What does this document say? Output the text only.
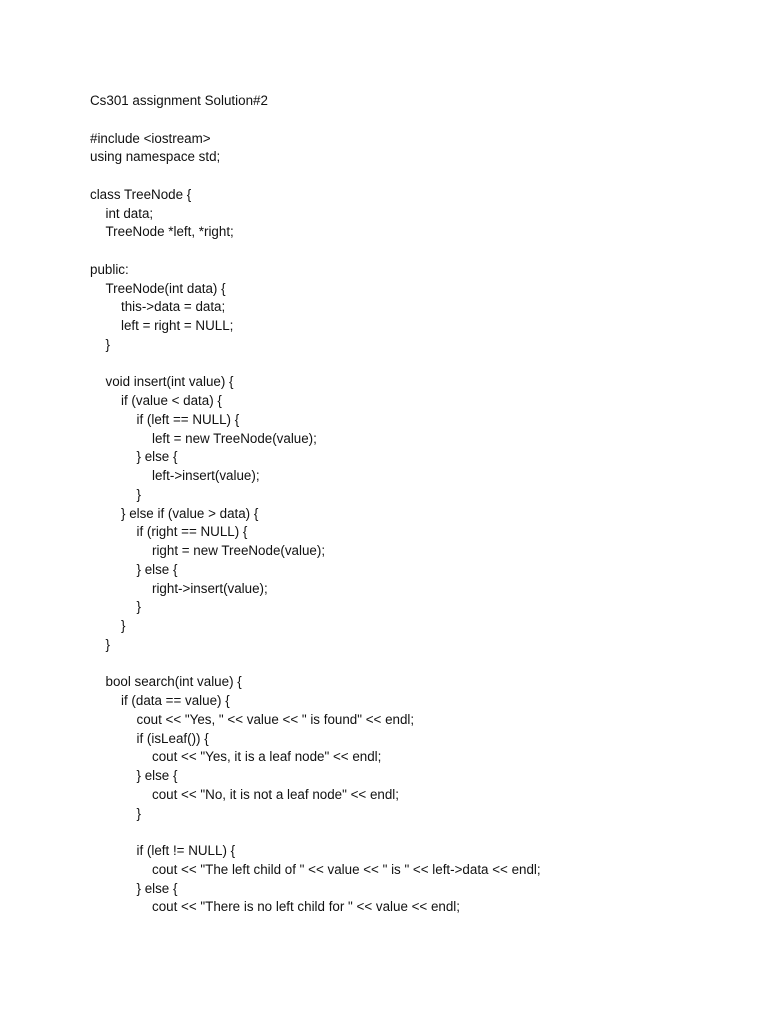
Cs301 assignment Solution#2
#include <iostream>
using namespace std;
class TreeNode {
int data;
TreeNode *left, *right;
public:
TreeNode(int data) {
this->data = data;
left = right = NULL;
}
void insert(int value) {
if (value < data) {
if (left == NULL) {
left = new TreeNode(value);
} else {
left->insert(value);
}
} else if (value > data) {
if (right == NULL) {
right = new TreeNode(value);
} else {
right->insert(value);
}
}
}
bool search(int value) {
if (data == value) {
cout << "Yes, " << value << " is found" << endl;
if (isLeaf()) {
cout << "Yes, it is a leaf node" << endl;
} else {
cout << "No, it is not a leaf node" << endl;
}
if (left != NULL) {
cout << "The left child of " << value << " is " << left->data << endl;
} else {
cout << "There is no left child for " << value << endl;
